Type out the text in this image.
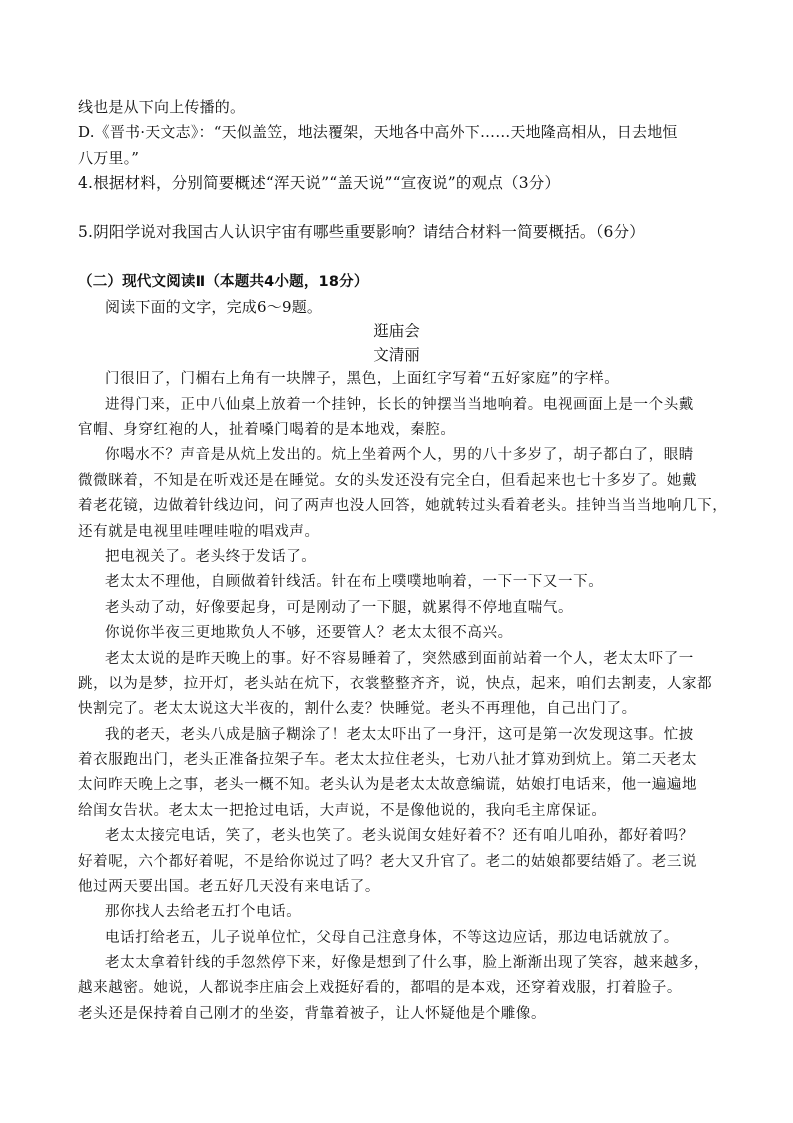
线也是从下向上传播的。
D.《晋书·天文志》：“天似盖笠，地法覆架，天地各中高外下……天地隆高相从，日去地恒
八万里。”
4.根据材料，分别简要概述“浑天说”“盖天说”“宣夜说”的观点（3分）
5.阴阳学说对我国古人认识宇宙有哪些重要影响？请结合材料一简要概括。（6分）
（二）现代文阅读Ⅱ（本题共4小题，18分）
阅读下面的文字，完成6～9题。
逛庙会
文清丽
门很旧了，门楣右上角有一块牌子，黑色，上面红字写着“五好家庭”的字样。
进得门来，正中八仙桌上放着一个挂钟，长长的钟摆当当地响着。电视画面上是一个头戴
官帽、身穿红袍的人，扯着嗓门喝着的是本地戏，秦腔。
你喝水不？声音是从炕上发出的。炕上坐着两个人，男的八十多岁了，胡子都白了，眼睛
微微眯着，不知是在听戏还是在睡觉。女的头发还没有完全白，但看起来也七十多岁了。她戴
着老花镜，边做着针线边问，问了两声也没人回答，她就转过头看着老头。挂钟当当当地响几下，
还有就是电视里哇哩哇啦的唱戏声。
把电视关了。老头终于发话了。
老太太不理他，自顾做着针线活。针在布上噗噗地响着，一下一下又一下。
老头动了动，好像要起身，可是刚动了一下腿，就累得不停地直喘气。
你说你半夜三更地欺负人不够，还要管人？老太太很不高兴。
老太太说的是昨天晚上的事。好不容易睡着了，突然感到面前站着一个人，老太太吓了一
跳，以为是梦，拉开灯，老头站在炕下，衣裳整整齐齐，说，快点，起来，咱们去割麦，人家都
快割完了。老太太说这大半夜的，割什么麦？快睡觉。老头不再理他，自己出门了。
我的老天，老头八成是脑子糊涂了！老太太吓出了一身汗，这可是第一次发现这事。忙披
着衣服跑出门，老头正准备拉架子车。老太太拉住老头，七劝八扯才算劝到炕上。第二天老太
太问昨天晚上之事，老头一概不知。老头认为是老太太故意编谎，姑娘打电话来，他一遍遍地
给闺女告状。老太太一把抢过电话，大声说，不是像他说的，我向毛主席保证。
老太太接完电话，笑了，老头也笑了。老头说闺女娃好着不？还有咱儿咱孙，都好着吗？
好着呢，六个都好着呢，不是给你说过了吗？老大又升官了。老二的姑娘都要结婚了。老三说
他过两天要出国。老五好几天没有来电话了。
那你找人去给老五打个电话。
电话打给老五，儿子说单位忙，父母自己注意身体，不等这边应话，那边电话就放了。
老太太拿着针线的手忽然停下来，好像是想到了什么事，脸上渐渐出现了笑容，越来越多，
越来越密。她说，人都说李庄庙会上戏挺好看的，都唱的是本戏，还穿着戏服，打着脸子。
老头还是保持着自己刚才的坐姿，背靠着被子，让人怀疑他是个雕像。
